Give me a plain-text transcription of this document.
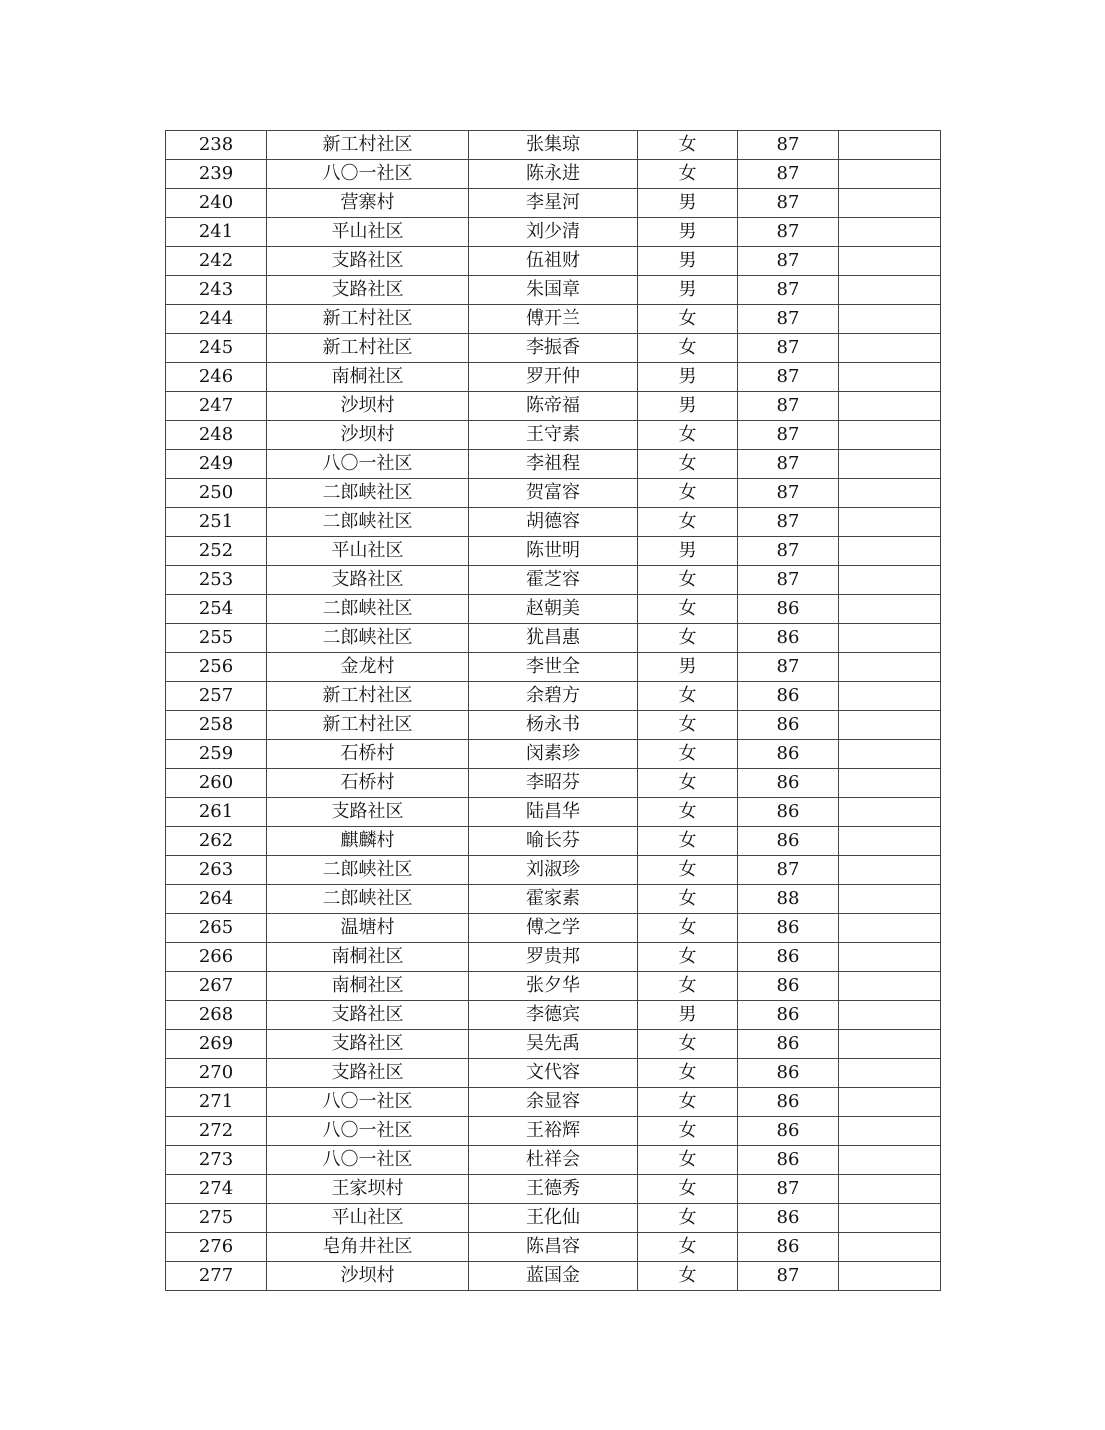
238	新工村社区	张集琼	女	87	
239	八〇一社区	陈永进	女	87	
240	营寨村	李星河	男	87	
241	平山社区	刘少清	男	87	
242	支路社区	伍祖财	男	87	
243	支路社区	朱国章	男	87	
244	新工村社区	傅开兰	女	87	
245	新工村社区	李振香	女	87	
246	南桐社区	罗开仲	男	87	
247	沙坝村	陈帝福	男	87	
248	沙坝村	王守素	女	87	
249	八〇一社区	李祖程	女	87	
250	二郎峡社区	贺富容	女	87	
251	二郎峡社区	胡德容	女	87	
252	平山社区	陈世明	男	87	
253	支路社区	霍芝容	女	87	
254	二郎峡社区	赵朝美	女	86	
255	二郎峡社区	犹昌惠	女	86	
256	金龙村	李世全	男	87	
257	新工村社区	余碧方	女	86	
258	新工村社区	杨永书	女	86	
259	石桥村	闵素珍	女	86	
260	石桥村	李昭芬	女	86	
261	支路社区	陆昌华	女	86	
262	麒麟村	喻长芬	女	86	
263	二郎峡社区	刘淑珍	女	87	
264	二郎峡社区	霍家素	女	88	
265	温塘村	傅之学	女	86	
266	南桐社区	罗贵邦	女	86	
267	南桐社区	张夕华	女	86	
268	支路社区	李德宾	男	86	
269	支路社区	吴先禹	女	86	
270	支路社区	文代容	女	86	
271	八〇一社区	余显容	女	86	
272	八〇一社区	王裕辉	女	86	
273	八〇一社区	杜祥会	女	86	
274	王家坝村	王德秀	女	87	
275	平山社区	王化仙	女	86	
276	皂角井社区	陈昌容	女	86	
277	沙坝村	蓝国金	女	87	
